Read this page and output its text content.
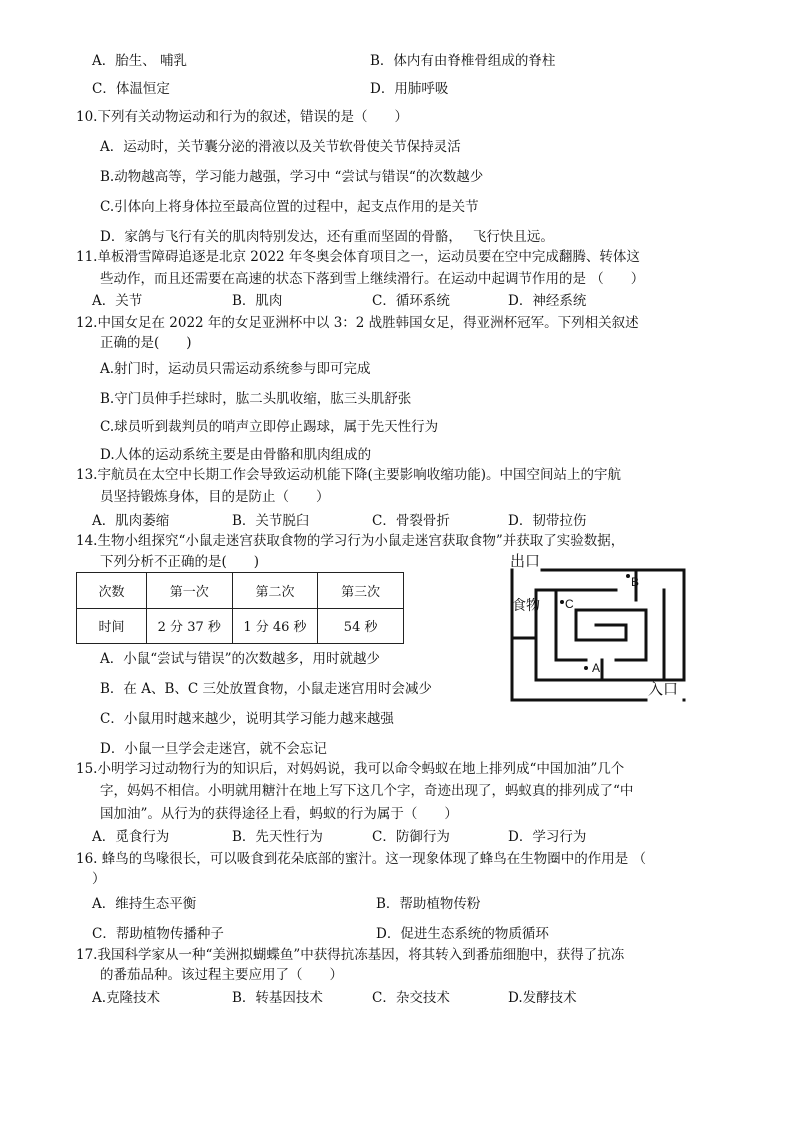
A．胎生、 哺乳	B．体内有由脊椎骨组成的脊柱
C．体温恒定	D．用肺呼吸
10.下列有关动物运动和行为的叙述，错误的是（　　）
A．运动时，关节囊分泌的滑液以及关节软骨使关节保持灵活
B.动物越高等，学习能力越强，学习中 “尝试与错误“的次数越少
C.引体向上将身体拉至最高位置的过程中，起支点作用的是关节
D．家鸽与飞行有关的肌肉特别发达，还有重而坚固的骨骼，　 飞行快且远。
11.单板滑雪障碍追逐是北京 2022 年冬奥会体育项目之一，运动员要在空中完成翻腾、转体这
些动作，而且还需要在高速的状态下落到雪上继续滑行。在运动中起调节作用的是 （　　）
A．关节	B．肌肉	C．循环系统	D．神经系统
12.中国女足在 2022 年的女足亚洲杯中以 3：2 战胜韩国女足，得亚洲杯冠军。下列相关叙述
正确的是(　　)
A.射门时，运动员只需运动系统参与即可完成
B.守门员伸手拦球时，肱二头肌收缩，肱三头肌舒张
C.球员听到裁判员的哨声立即停止踢球，属于先天性行为
D.人体的运动系统主要是由骨骼和肌肉组成的
13.宇航员在太空中长期工作会导致运动机能下降(主要影响收缩功能)。中国空间站上的宇航
员坚持锻炼身体，目的是防止（　　）
A．肌肉萎缩	B．关节脱臼	C．骨裂骨折	D．韧带拉伤
14.生物小组探究“小鼠走迷宫获取食物的学习行为小鼠走迷宫获取食物”并获取了实验数据，
下列分析不正确的是(　　)
次数	第一次	第二次	第三次
时间	2 分 37 秒	1 分 46 秒	54 秒
出口
食物 C
B
A
入口
A．小鼠“尝试与错误”的次数越多，用时就越少
B．在 A、B、C 三处放置食物，小鼠走迷宫用时会减少
C．小鼠用时越来越少，说明其学习能力越来越强
D．小鼠一旦学会走迷宫，就不会忘记
15.小明学习过动物行为的知识后，对妈妈说，我可以命令蚂蚁在地上排列成“中国加油”几个
字，妈妈不相信。小明就用糖汁在地上写下这几个字，奇迹出现了，蚂蚁真的排列成了“中
国加油”。从行为的获得途径上看，蚂蚁的行为属于（　　）
A．觅食行为	B．先天性行为	C．防御行为	D．学习行为
16. 蜂鸟的鸟喙很长，可以吸食到花朵底部的蜜汁。这一现象体现了蜂鸟在生物圈中的作用是 （
）
A．维持生态平衡	B．帮助植物传粉
C．帮助植物传播种子	D．促进生态系统的物质循环
17.我国科学家从一种“美洲拟蝴蝶鱼”中获得抗冻基因，将其转入到番茄细胞中，获得了抗冻
的番茄品种。该过程主要应用了（　　）
A.克隆技术	B．转基因技术	C．杂交技术	D.发酵技术
